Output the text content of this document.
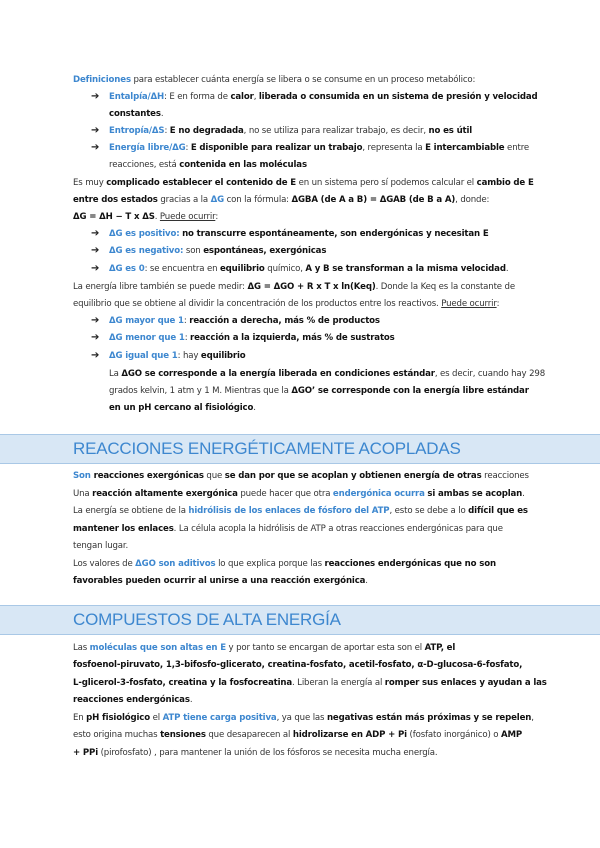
Definiciones para establecer cuánta energía se libera o se consume en un proceso metabólico:
➔ Entalpía/ΔH: E en forma de calor, liberada o consumida en un sistema de presión y velocidad
constantes.
➔ Entropía/ΔS: E no degradada, no se utiliza para realizar trabajo, es decir, no es útil
➔ Energía libre/ΔG: E disponible para realizar un trabajo, representa la E intercambiable entre
reacciones, está contenida en las moléculas
Es muy complicado establecer el contenido de E en un sistema pero sí podemos calcular el cambio de E
entre dos estados gracias a la ΔG con la fórmula: ΔGBA (de A a B) = ΔGAB (de B a A), donde:
ΔG = ΔH − T x ΔS. Puede ocurrir:
➔ ΔG es positivo: no transcurre espontáneamente, son endergónicas y necesitan E
➔ ΔG es negativo: son espontáneas, exergónicas
➔ ΔG es 0: se encuentra en equilibrio químico, A y B se transforman a la misma velocidad.
La energía libre también se puede medir: ΔG = ΔGO + R x T x ln(Keq). Donde la Keq es la constante de
equilibrio que se obtiene al dividir la concentración de los productos entre los reactivos. Puede ocurrir:
➔ ΔG mayor que 1: reacción a derecha, más % de productos
➔ ΔG menor que 1: reacción a la izquierda, más % de sustratos
➔ ΔG igual que 1: hay equilibrio
La ΔGO se corresponde a la energía liberada en condiciones estándar, es decir, cuando hay 298
grados kelvin, 1 atm y 1 M. Mientras que la ΔGO’ se corresponde con la energía libre estándar
en un pH cercano al fisiológico.
REACCIONES ENERGÉTICAMENTE ACOPLADAS
Son reacciones exergónicas que se dan por que se acoplan y obtienen energía de otras reacciones
Una reacción altamente exergónica puede hacer que otra endergónica ocurra si ambas se acoplan.
La energía se obtiene de la hidrólisis de los enlaces de fósforo del ATP, esto se debe a lo difícil que es
mantener los enlaces. La célula acopla la hidrólisis de ATP a otras reacciones endergónicas para que
tengan lugar.
Los valores de ΔGO son aditivos lo que explica porque las reacciones endergónicas que no son
favorables pueden ocurrir al unirse a una reacción exergónica.
COMPUESTOS DE ALTA ENERGÍA
Las moléculas que son altas en E y por tanto se encargan de aportar esta son el ATP, el
fosfoenol-piruvato, 1,3-bifosfo-glicerato, creatina-fosfato, acetil-fosfato, α-D-glucosa-6-fosfato,
L-glicerol-3-fosfato, creatina y la fosfocreatina. Liberan la energía al romper sus enlaces y ayudan a las
reacciones endergónicas.
En pH fisiológico el ATP tiene carga positiva, ya que las negativas están más próximas y se repelen,
esto origina muchas tensiones que desaparecen al hidrolizarse en ADP + Pi (fosfato inorgánico) o AMP
+ PPi (pirofosfato) , para mantener la unión de los fósforos se necesita mucha energía.
